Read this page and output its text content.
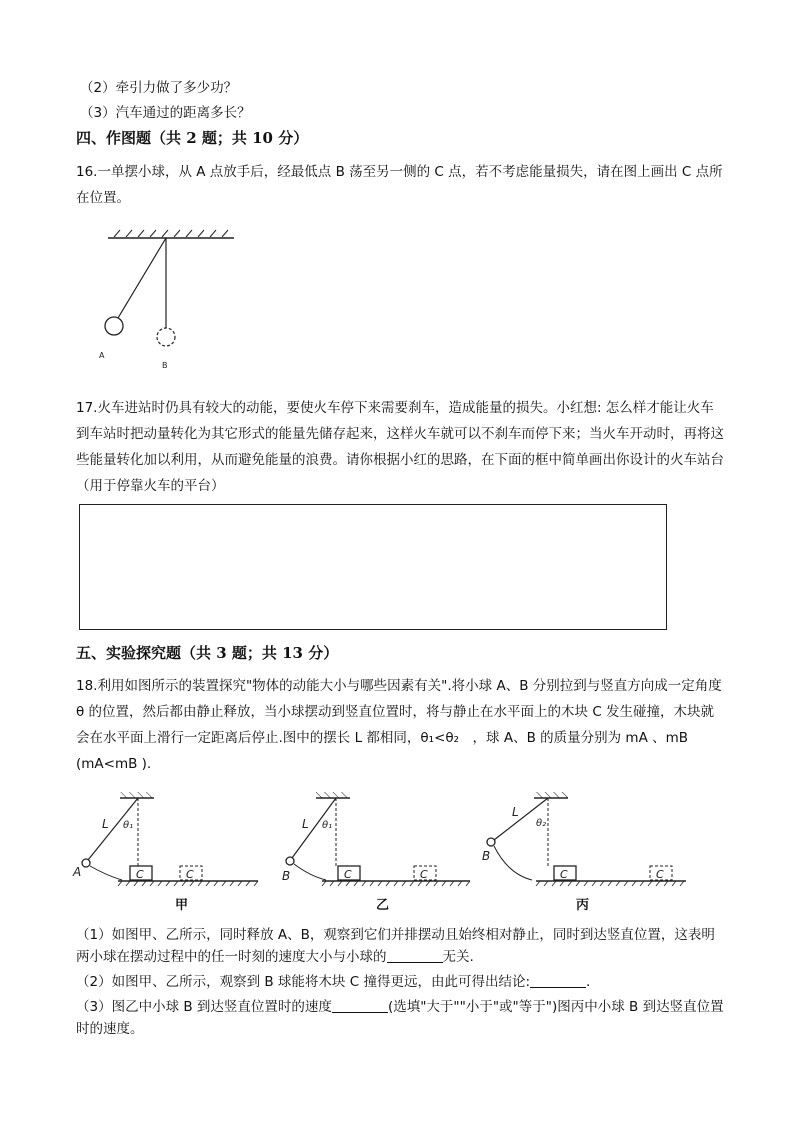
（2）牵引力做了多少功？
（3）汽车通过的距离多长？
四、作图题（共 2 题；共 10 分）
16.一单摆小球，从 A 点放手后，经最低点 B 荡至另一侧的 C 点，若不考虑能量损失，请在图上画出 C 点所在位置。
A
B
17.火车进站时仍具有较大的动能，要使火车停下来需要刹车，造成能量的损失。小红想: 怎么样才能让火车到车站时把动量转化为其它形式的能量先储存起来，这样火车就可以不刹车而停下来；当火车开动时，再将这些能量转化加以利用，从而避免能量的浪费。请你根据小红的思路，在下面的框中简单画出你设计的火车站台（用于停靠火车的平台）
五、实验探究题（共 3 题；共 13 分）
18.利用如图所示的装置探究"物体的动能大小与哪些因素有关".将小球 A、B 分别拉到与竖直方向成一定角度 θ 的位置，然后都由静止释放，当小球摆动到竖直位置时，将与静止在水平面上的木块 C 发生碰撞，木块就会在水平面上滑行一定距离后停止.图中的摆长 L 都相同，θ₁<θ₂　，球 A、B 的质量分别为 mA 、mB (mA<mB ).
L θ₁
A	C	C
L θ₁
B	C	C
L
θ₂
B
C	C
甲	乙	丙
（1）如图甲、乙所示，同时释放 A、B，观察到它们并排摆动且始终相对静止，同时到达竖直位置，这表明两小球在摆动过程中的任一时刻的速度大小与小球的	无关.
（2）如图甲、乙所示，观察到 B 球能将木块 C 撞得更远，由此可得出结论:	.
（3）图乙中小球 B 到达竖直位置时的速度	(选填"大于""小于"或"等于")图丙中小球 B 到达竖直位置时的速度。
